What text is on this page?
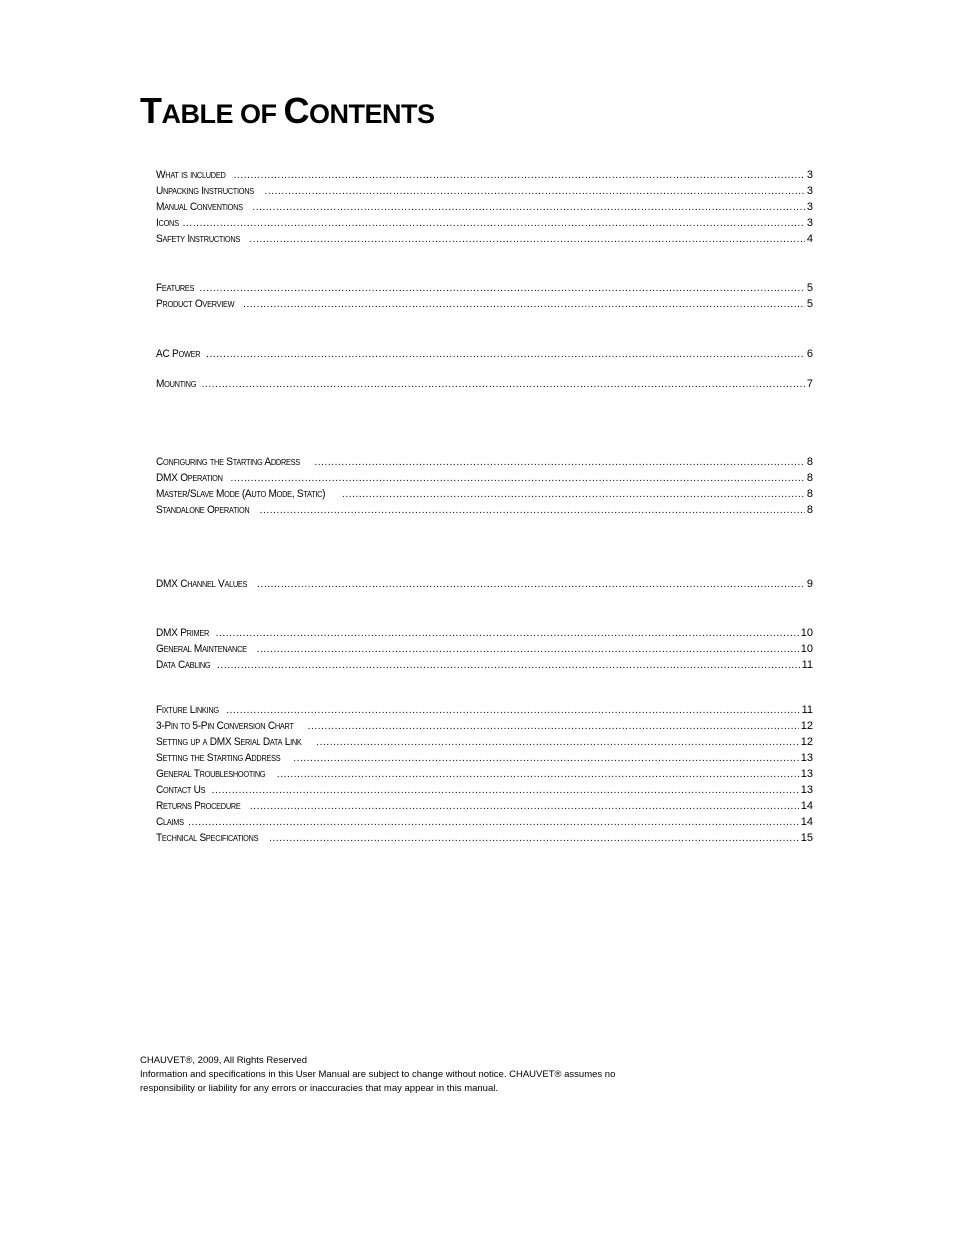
TABLE OF CONTENTS
What is included .....	3
Unpacking Instructions .....	3
Manual Conventions .....	3
Icons .....	3
Safety Instructions .....	4
Features .....	5
Product Overview .....	5
AC Power .....	6
Mounting .....	7
Configuring the Starting Address .....	8
DMX Operation .....	8
Master/Slave Mode (Auto Mode, Static) .....	8
Standalone Operation .....	8
DMX Channel Values .....	9
DMX Primer .....	10
General Maintenance .....	10
Data Cabling .....	11
Fixture Linking .....	11
3-Pin to 5-Pin Conversion Chart .....	12
Setting up a DMX Serial Data Link .....	12
Setting the Starting Address .....	13
General Troubleshooting .....	13
Contact Us .....	13
Returns Procedure .....	14
Claims .....	14
Technical Specifications .....	15
CHAUVET®, 2009, All Rights Reserved
Information and specifications in this User Manual are subject to change without notice. CHAUVET® assumes no
responsibility or liability for any errors or inaccuracies that may appear in this manual.
